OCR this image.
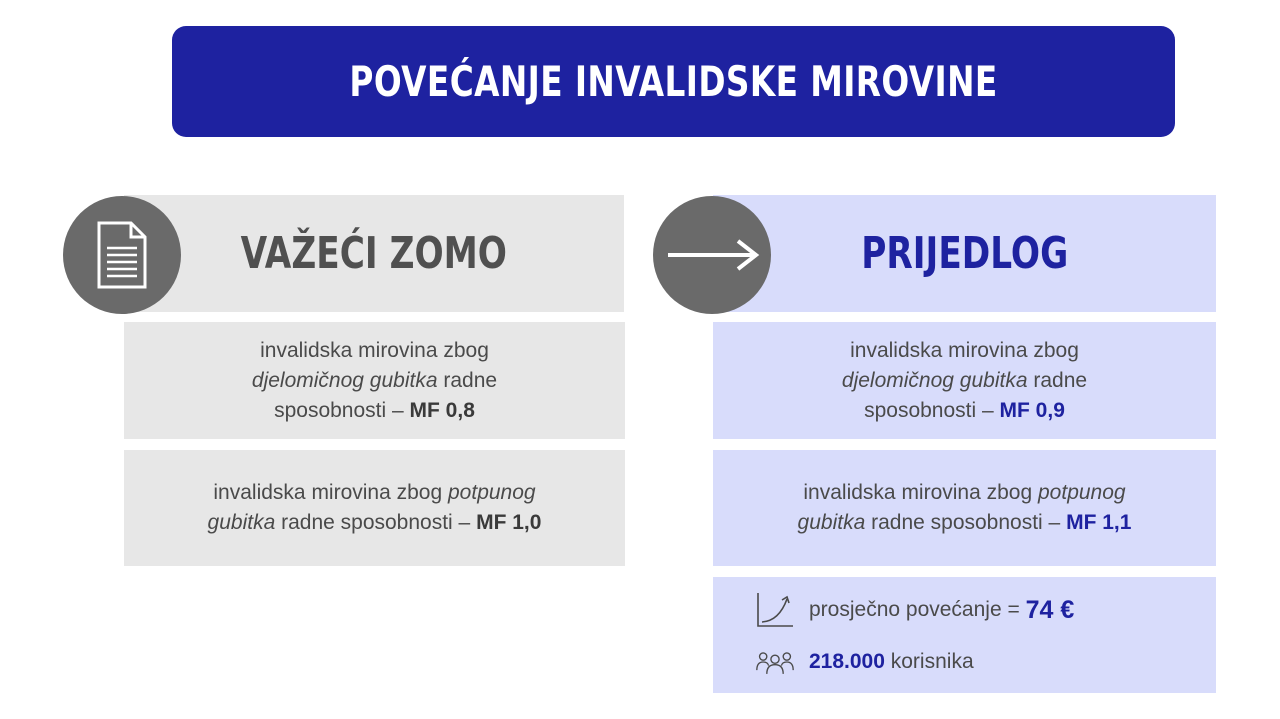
POVEĆANJE INVALIDSKE MIROVINE
VAŽEĆI ZOMO
invalidska mirovina zbog
djelomičnog gubitka radne
sposobnosti – MF 0,8
invalidska mirovina zbog potpunog
gubitka radne sposobnosti – MF 1,0
PRIJEDLOG
invalidska mirovina zbog
djelomičnog gubitka radne
sposobnosti – MF 0,9
invalidska mirovina zbog potpunog
gubitka radne sposobnosti – MF 1,1
prosječno povećanje = 74 €
218.000 korisnika
